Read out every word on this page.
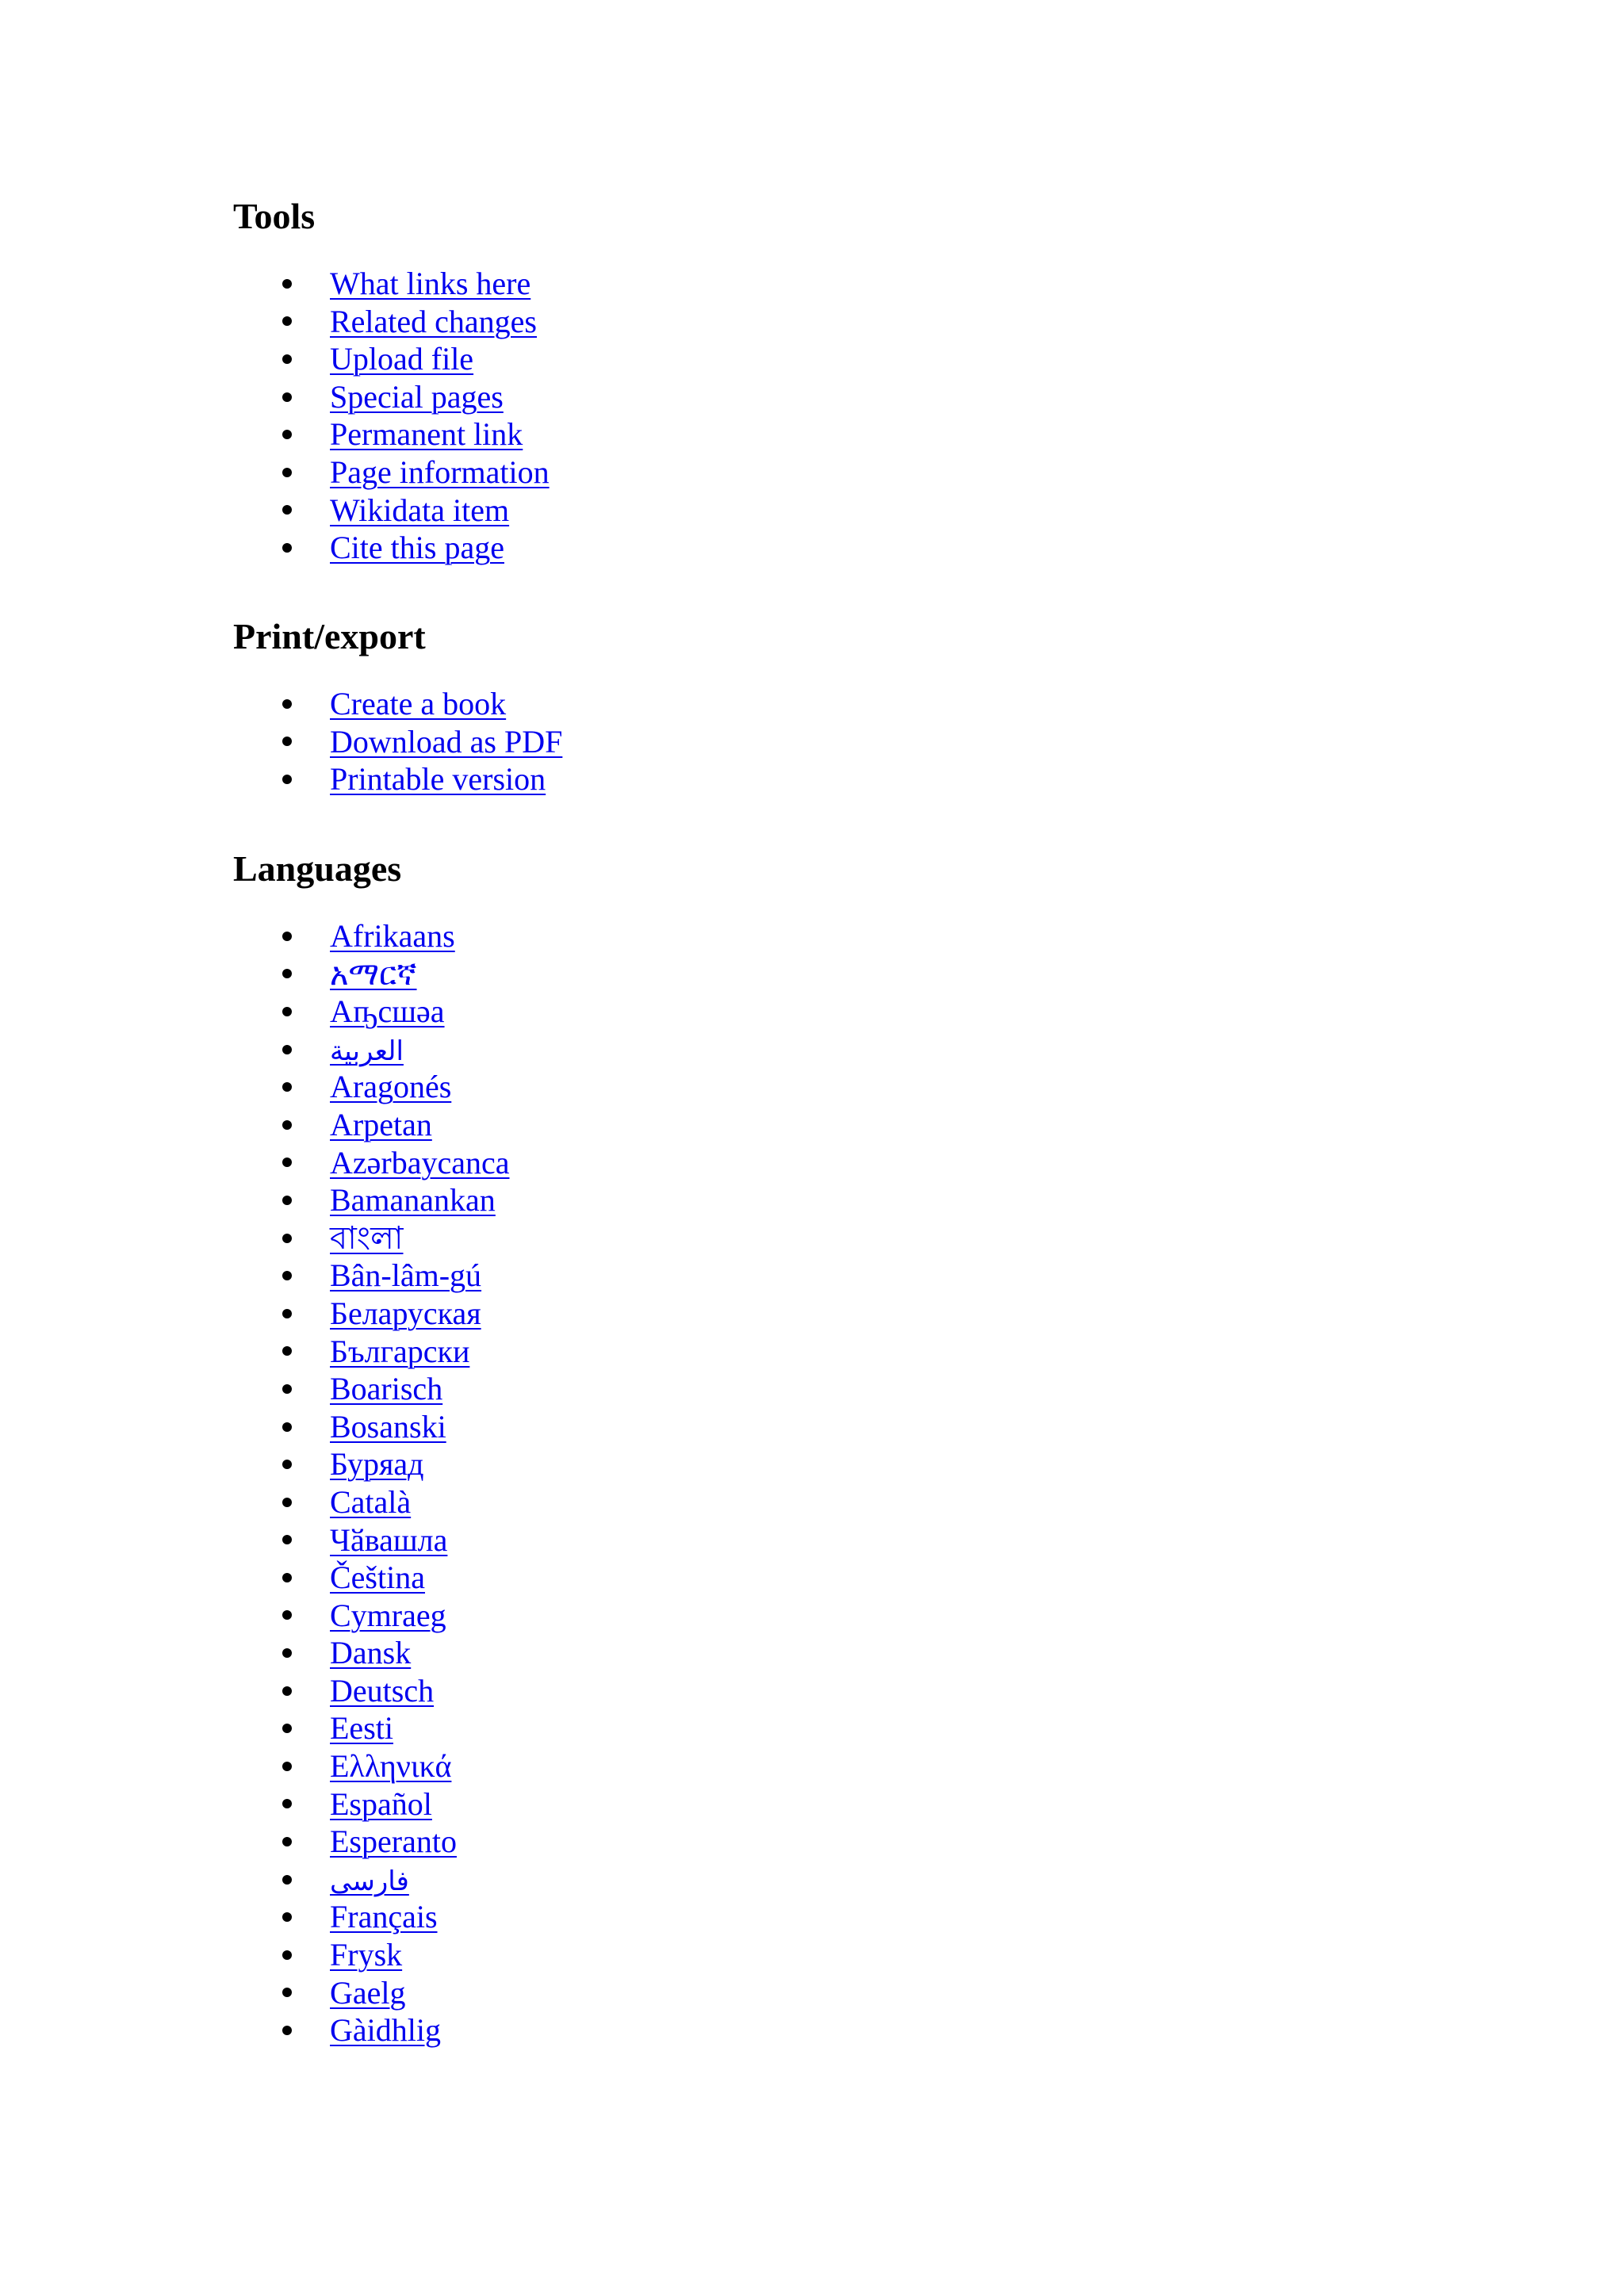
Tools
What links here
Related changes
Upload file
Special pages
Permanent link
Page information
Wikidata item
Cite this page
Print/export
Create a book
Download as PDF
Printable version
Languages
Afrikaans
አማርኛ
Аҧсшәа
العربية
Aragonés
Arpetan
Azərbaycanca
Bamanankan
বাংলা
Bân-lâm-gú
Беларуская
Български
Boarisch
Bosanski
Буряад
Català
Чӑвашла
Čeština
Cymraeg
Dansk
Deutsch
Eesti
Ελληνικά
Español
Esperanto
فارسی
Français
Frysk
Gaelg
Gàidhlig
